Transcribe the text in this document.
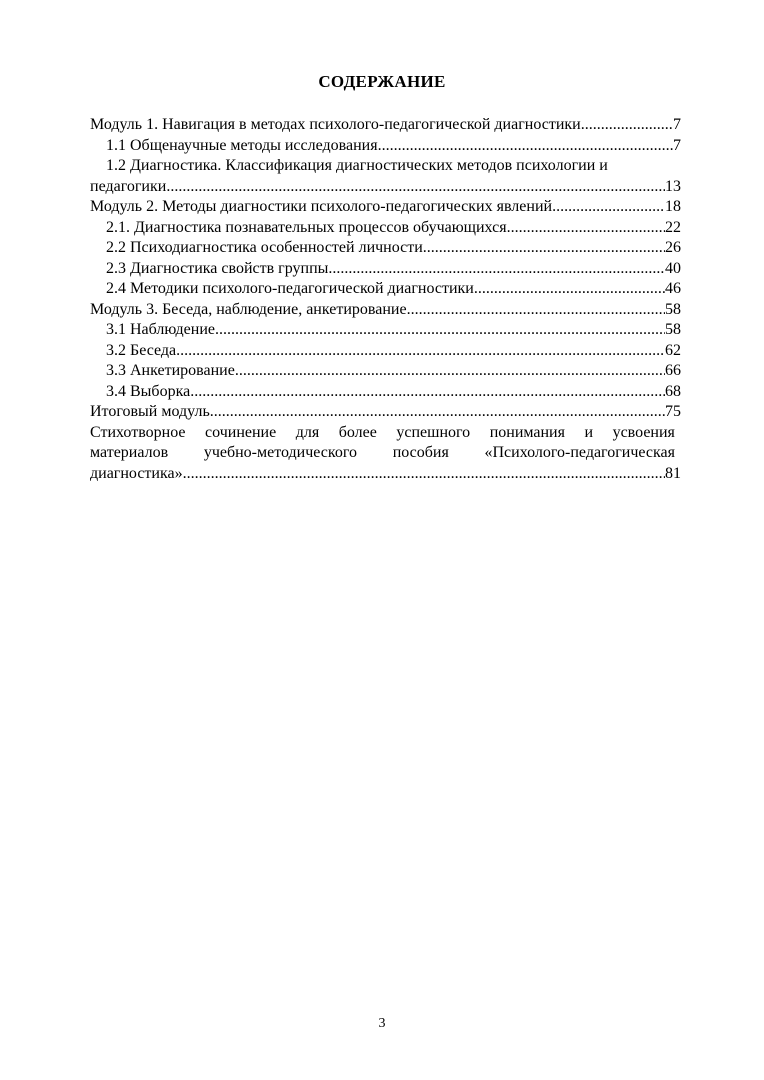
СОДЕРЖАНИЕ
Модуль 1. Навигация в методах психолого-педагогической диагностики .....	7
1.1 Общенаучные методы исследования .....	7
1.2 Диагностика. Классификация диагностических методов психологии и
педагогики. .....	13
Модуль 2. Методы диагностики психолого-педагогических явлений .....	18
2.1. Диагностика познавательных процессов обучающихся .....	22
2.2 Психодиагностика особенностей личности .....	26
2.3 Диагностика свойств группы .....	40
2.4 Методики психолого-педагогической диагностики .....	46
Модуль 3. Беседа, наблюдение, анкетирование .....	58
3.1 Наблюдение .....	58
3.2 Беседа .....	62
3.3 Анкетирование .....	66
3.4 Выборка .....	68
Итоговый модуль .....	75
Стихотворное сочинение для более успешного понимания и усвоения
материалов учебно-методического пособия «Психолого-педагогическая
диагностика» .....	81
3
